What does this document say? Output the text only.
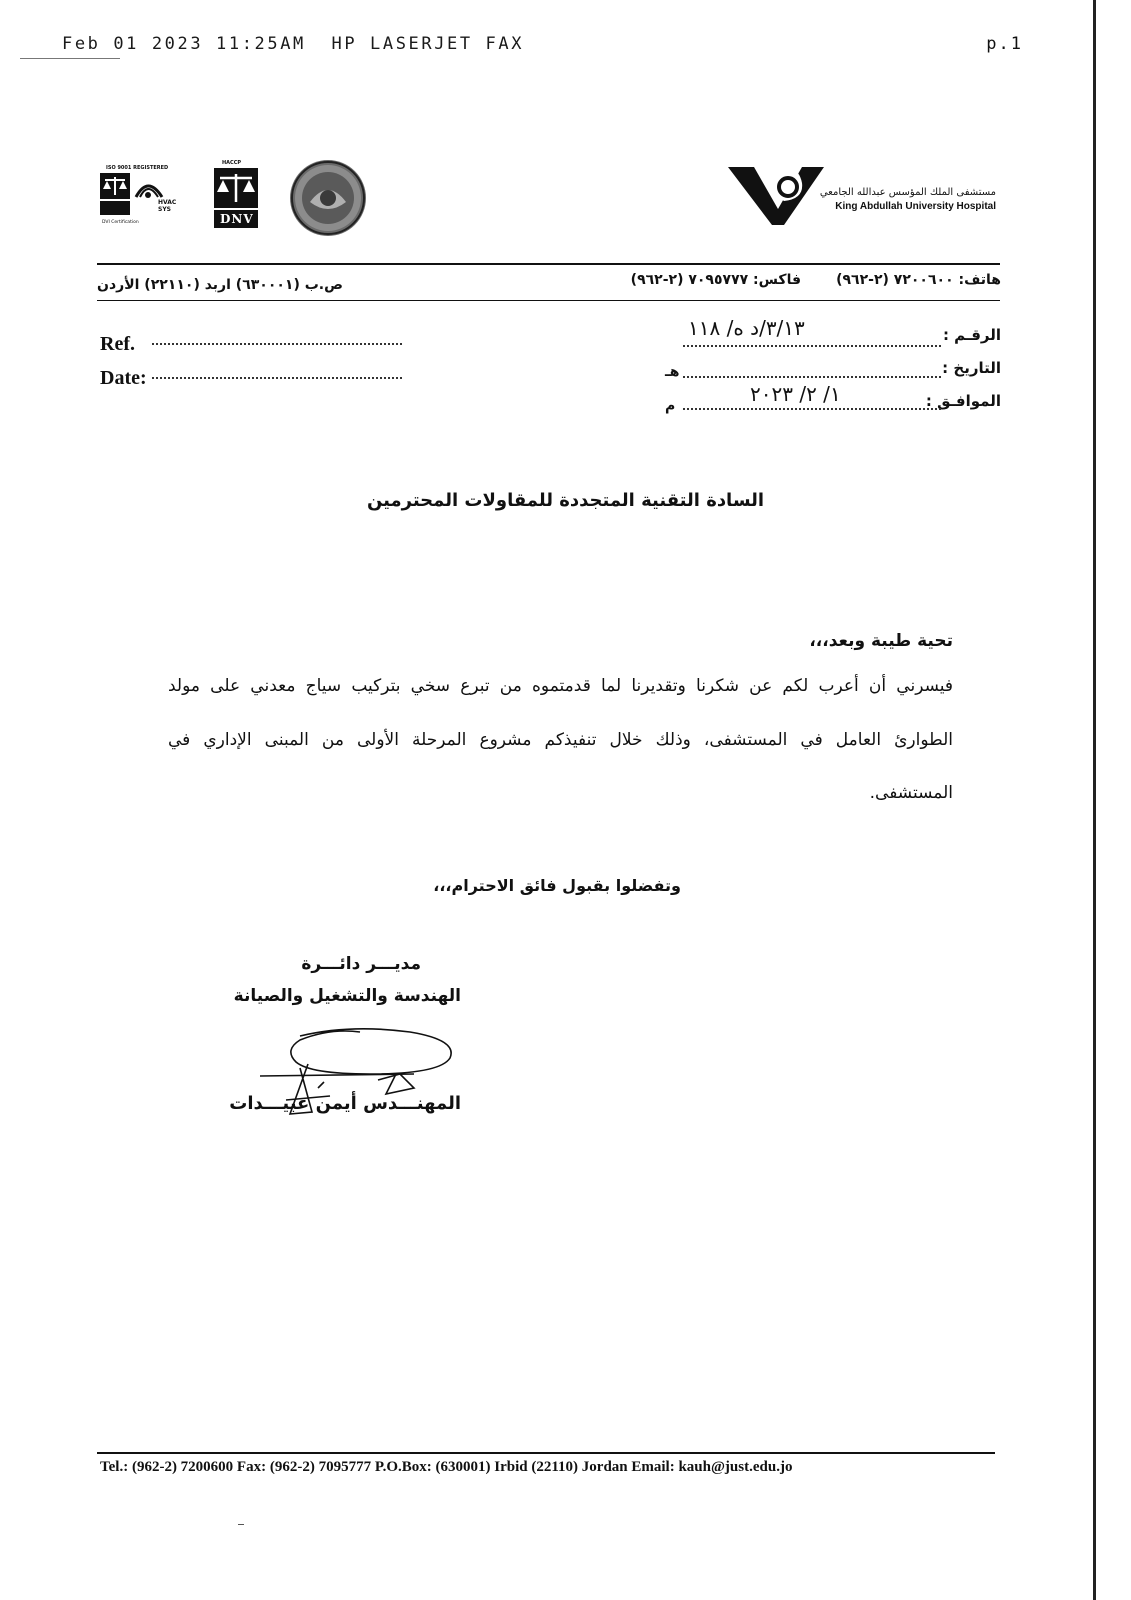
Feb 01 2023 11:25AM  HP LASERJET FAX	p.1
ISO 9001 REGISTERED
DVI Certification
HVAC SYS
HACCP
DNV
مستشفى الملك المؤسس عبدالله الجامعي
King Abdullah University Hospital
هاتف: ٧٢٠٠٦٠٠ (٢-٩٦٢)
فاكس: ٧٠٩٥٧٧٧ (٢-٩٦٢)
ص.ب (٦٣٠٠٠١) اربد (٢٢١١٠) الأردن
Ref.
Date:
الرقـم :
٣/١٣/د ه/ ١١٨
التاريخ :
هـ
الموافـق :
١/ ٢/ ٢٠٢٣
م
السادة التقنية المتجددة للمقاولات المحترمين
تحية طيبة وبعد،،،
فيسرني أن أعرب لكم عن شكرنا وتقديرنا لما قدمتموه من تبرع سخي بتركيب سياج معدني على مولد
الطوارئ العامل في المستشفى، وذلك خلال تنفيذكم مشروع المرحلة الأولى من المبنى الإداري في
المستشفى.
وتفضلوا بقبول فائق الاحترام،،،
مديـــر دائـــرة
الهندسة والتشغيل والصيانة
المهنـــدس أيمن عبيـــدات
Tel.: (962-2) 7200600 Fax: (962-2) 7095777 P.O.Box: (630001) Irbid (22110) Jordan Email: kauh@just.edu.jo
